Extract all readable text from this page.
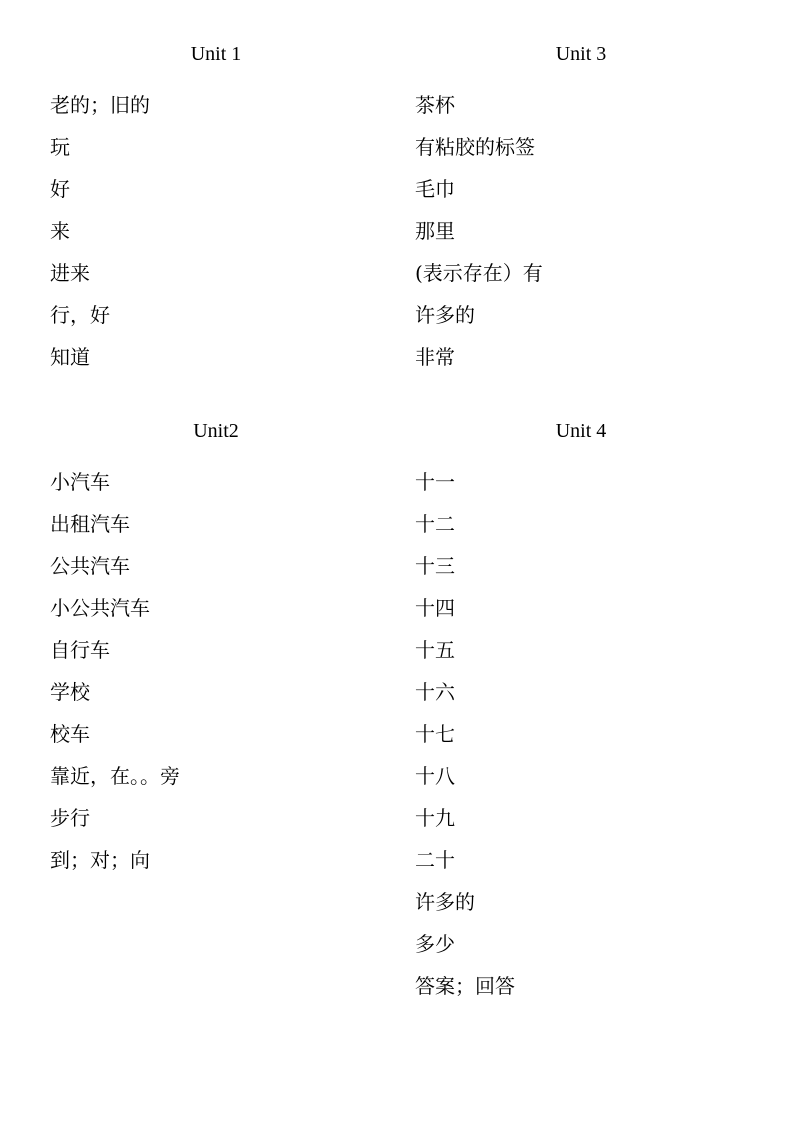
Unit 1
老的；旧的
玩
好
来
进来
行，好
知道
Unit 3
茶杯
有粘胶的标签
毛巾
那里
(表示存在）有
许多的
非常
Unit2
小汽车
出租汽车
公共汽车
小公共汽车
自行车
学校
校车
靠近，在。。旁
步行
到；对；向
Unit 4
十一
十二
十三
十四
十五
十六
十七
十八
十九
二十
许多的
多少
答案；回答
